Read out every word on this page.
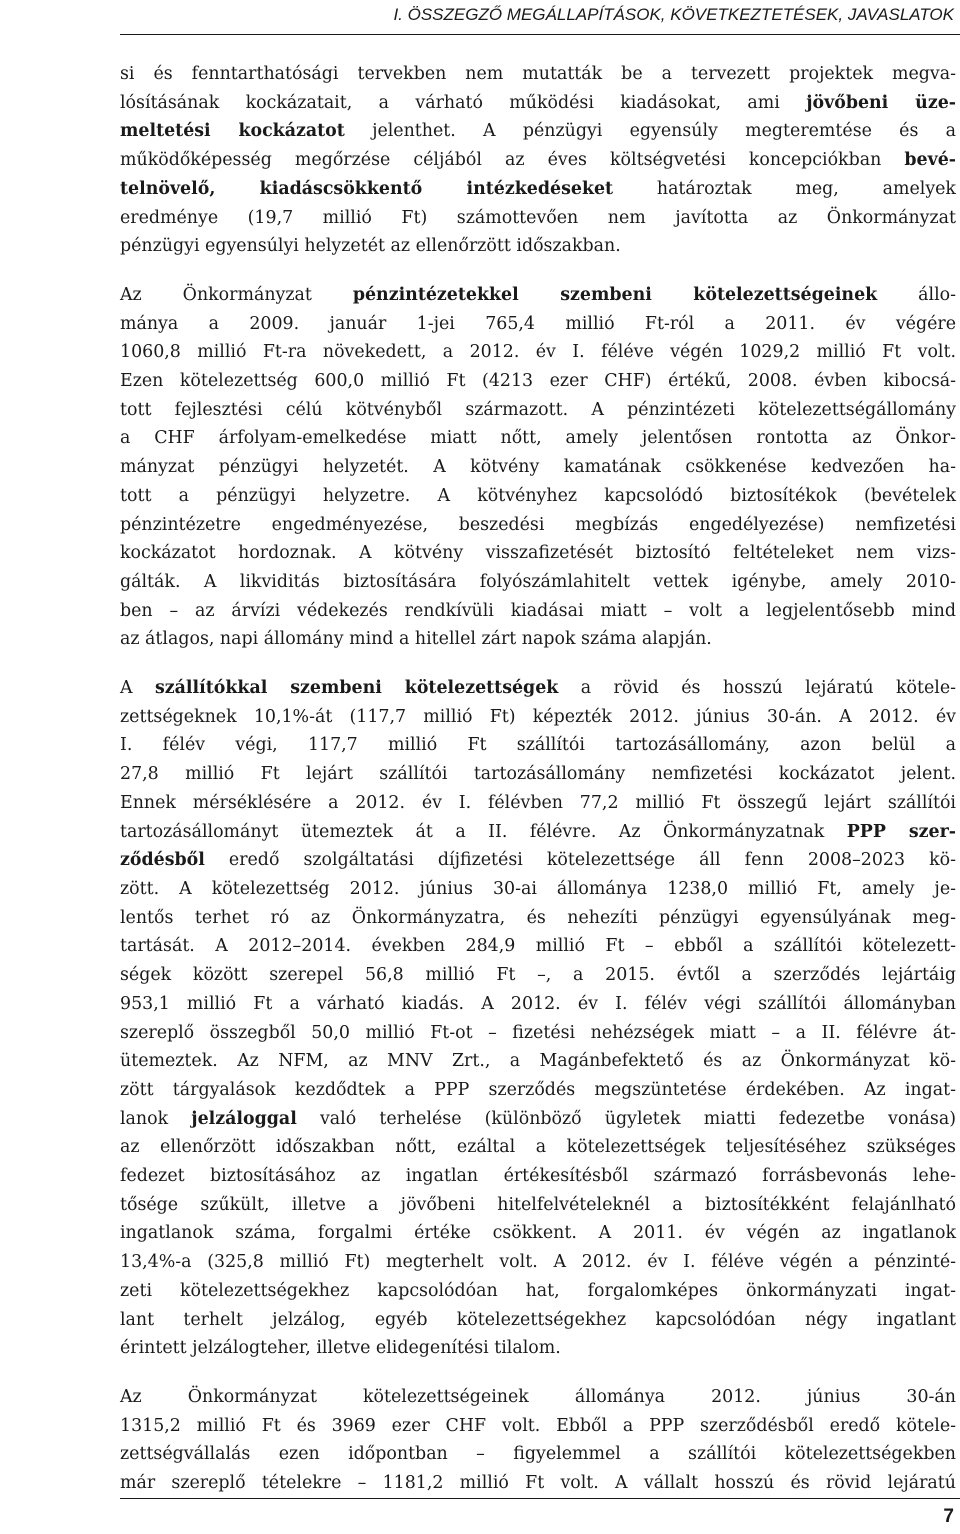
I. ÖSSZEGZŐ MEGÁLLAPÍTÁSOK, KÖVETKEZTETÉSEK, JAVASLATOK
si és fenntarthatósági tervekben nem mutatták be a tervezett projektek megva-
lósításának kockázatait, a várható működési kiadásokat, ami jövőbeni üze-
meltetési kockázatot jelenthet. A pénzügyi egyensúly megteremtése és a
működőképesség megőrzése céljából az éves költségvetési koncepciókban bevé-
telnövelő, kiadáscsökkentő intézkedéseket határoztak meg, amelyek
eredménye (19,7 millió Ft) számottevően nem javította az Önkormányzat
pénzügyi egyensúlyi helyzetét az ellenőrzött időszakban.
Az Önkormányzat pénzintézetekkel szembeni kötelezettségeinek állo-
mánya a 2009. január 1-jei 765,4 millió Ft-ról a 2011. év végére
1060,8 millió Ft-ra növekedett, a 2012. év I. féléve végén 1029,2 millió Ft volt.
Ezen kötelezettség 600,0 millió Ft (4213 ezer CHF) értékű, 2008. évben kibocsá-
tott fejlesztési célú kötvényből származott. A pénzintézeti kötelezettségállomány
a CHF árfolyam-emelkedése miatt nőtt, amely jelentősen rontotta az Önkor-
mányzat pénzügyi helyzetét. A kötvény kamatának csökkenése kedvezően ha-
tott a pénzügyi helyzetre. A kötvényhez kapcsolódó biztosítékok (bevételek
pénzintézetre engedményezése, beszedési megbízás engedélyezése) nemfizetési
kockázatot hordoznak. A kötvény visszafizetését biztosító feltételeket nem vizs-
gálták. A likviditás biztosítására folyószámlahitelt vettek igénybe, amely 2010-
ben – az árvízi védekezés rendkívüli kiadásai miatt – volt a legjelentősebb mind
az átlagos, napi állomány mind a hitellel zárt napok száma alapján.
A szállítókkal szembeni kötelezettségek a rövid és hosszú lejáratú kötele-
zettségeknek 10,1%-át (117,7 millió Ft) képezték 2012. június 30-án. A 2012. év
I. félév végi, 117,7 millió Ft szállítói tartozásállomány, azon belül a
27,8 millió Ft lejárt szállítói tartozásállomány nemfizetési kockázatot jelent.
Ennek mérséklésére a 2012. év I. félévben 77,2 millió Ft összegű lejárt szállítói
tartozásállományt ütemeztek át a II. félévre. Az Önkormányzatnak PPP szer-
ződésből eredő szolgáltatási díjfizetési kötelezettsége áll fenn 2008–2023 kö-
zött. A kötelezettség 2012. június 30-ai állománya 1238,0 millió Ft, amely je-
lentős terhet ró az Önkormányzatra, és nehezíti pénzügyi egyensúlyának meg-
tartását. A 2012–2014. években 284,9 millió Ft – ebből a szállítói kötelezett-
ségek között szerepel 56,8 millió Ft –, a 2015. évtől a szerződés lejártáig
953,1 millió Ft a várható kiadás. A 2012. év I. félév végi szállítói állományban
szereplő összegből 50,0 millió Ft-ot – fizetési nehézségek miatt – a II. félévre át-
ütemeztek. Az NFM, az MNV Zrt., a Magánbefektető és az Önkormányzat kö-
zött tárgyalások kezdődtek a PPP szerződés megszüntetése érdekében. Az ingat-
lanok jelzáloggal való terhelése (különböző ügyletek miatti fedezetbe vonása)
az ellenőrzött időszakban nőtt, ezáltal a kötelezettségek teljesítéséhez szükséges
fedezet biztosításához az ingatlan értékesítésből származó forrásbevonás lehe-
tősége szűkült, illetve a jövőbeni hitelfelvételeknél a biztosítékként felajánlható
ingatlanok száma, forgalmi értéke csökkent. A 2011. év végén az ingatlanok
13,4%-a (325,8 millió Ft) megterhelt volt. A 2012. év I. féléve végén a pénzinté-
zeti kötelezettségekhez kapcsolódóan hat, forgalomképes önkormányzati ingat-
lant terhelt jelzálog, egyéb kötelezettségekhez kapcsolódóan négy ingatlant
érintett jelzálogteher, illetve elidegenítési tilalom.
Az Önkormányzat kötelezettségeinek állománya 2012. június 30-án
1315,2 millió Ft és 3969 ezer CHF volt. Ebből a PPP szerződésből eredő kötele-
zettségvállalás ezen időpontban – figyelemmel a szállítói kötelezettségekben
már szereplő tételekre – 1181,2 millió Ft volt. A vállalt hosszú és rövid lejáratú
7
